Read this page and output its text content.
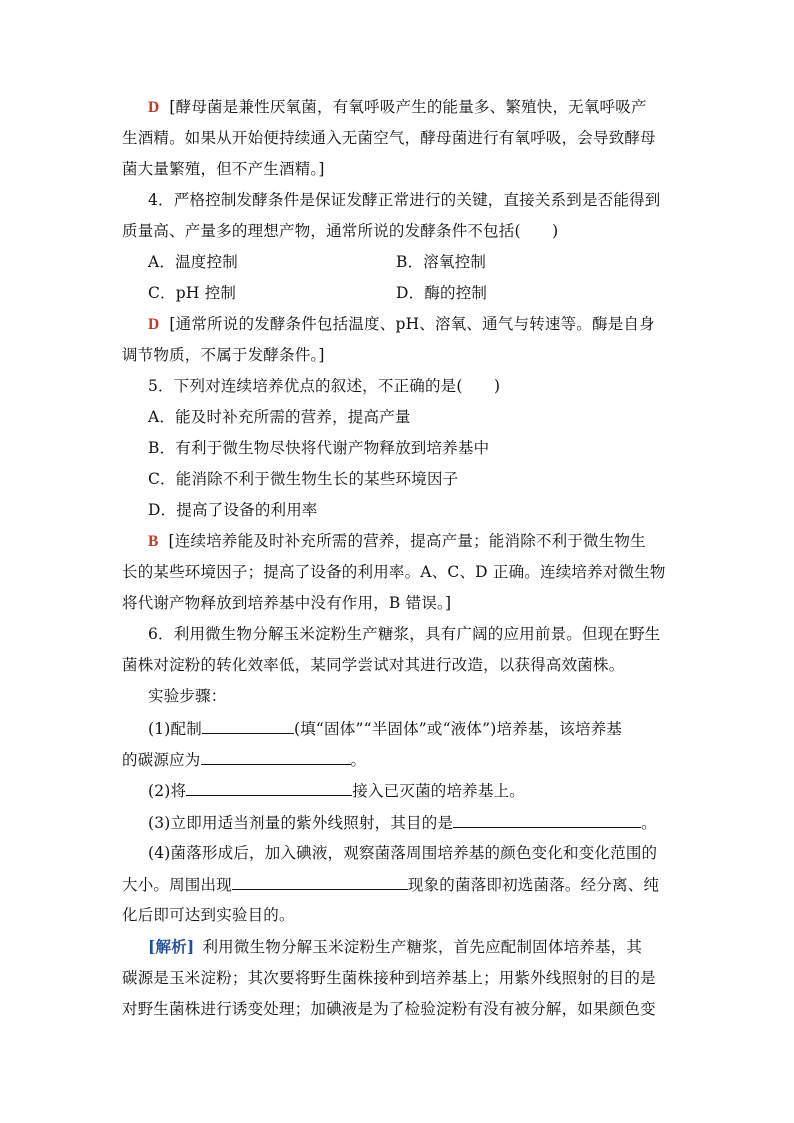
D [酵母菌是兼性厌氧菌，有氧呼吸产生的能量多、繁殖快，无氧呼吸产
生酒精。如果从开始便持续通入无菌空气，酵母菌进行有氧呼吸，会导致酵母
菌大量繁殖，但不产生酒精。]
4．严格控制发酵条件是保证发酵正常进行的关键，直接关系到是否能得到
质量高、产量多的理想产物，通常所说的发酵条件不包括(　　)
A．温度控制	B．溶氧控制
C．pH 控制	D．酶的控制
D [通常所说的发酵条件包括温度、pH、溶氧、通气与转速等。酶是自身
调节物质，不属于发酵条件。]
5．下列对连续培养优点的叙述，不正确的是(　　)
A．能及时补充所需的营养，提高产量
B．有利于微生物尽快将代谢产物释放到培养基中
C．能消除不利于微生物生长的某些环境因子
D．提高了设备的利用率
B [连续培养能及时补充所需的营养，提高产量；能消除不利于微生物生
长的某些环境因子；提高了设备的利用率。A、C、D 正确。连续培养对微生物
将代谢产物释放到培养基中没有作用，B 错误。]
6．利用微生物分解玉米淀粉生产糖浆，具有广阔的应用前景。但现在野生
菌株对淀粉的转化效率低，某同学尝试对其进行改造，以获得高效菌株。
实验步骤：
(1)配制	(填“固体”“半固体”或“液体”)培养基，该培养基
的碳源应为	。
(2)将	接入已灭菌的培养基上。
(3)立即用适当剂量的紫外线照射，其目的是	。
(4)菌落形成后，加入碘液，观察菌落周围培养基的颜色变化和变化范围的
大小。周围出现	现象的菌落即初选菌落。经分离、纯
化后即可达到实验目的。
[解析] 利用微生物分解玉米淀粉生产糖浆，首先应配制固体培养基，其
碳源是玉米淀粉；其次要将野生菌株接种到培养基上；用紫外线照射的目的是
对野生菌株进行诱变处理；加碘液是为了检验淀粉有没有被分解，如果颜色变
